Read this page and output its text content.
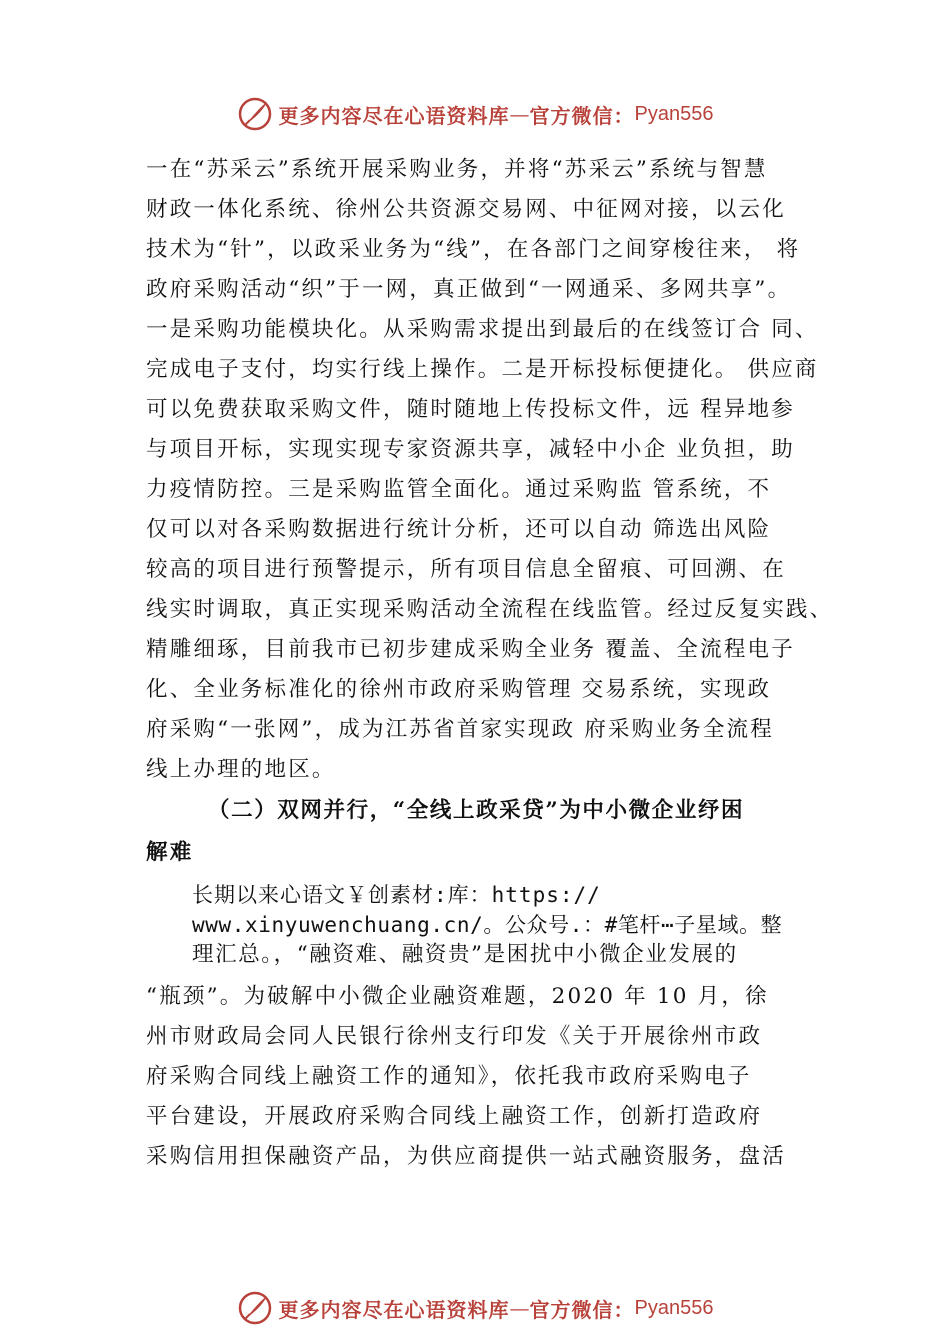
更多内容尽在心语资料库 — 官方微信： Pyan556
一在“苏采云”系统开展采购业务，并将“苏采云”系统与智慧
财政一体化系统、徐州公共资源交易网、中征网对接，以云化
技术为“针”，以政采业务为“线”，在各部门之间穿梭往来， 将
政府采购活动“织”于一网，真正做到“一网通采、多网共享”。
一是采购功能模块化。从采购需求提出到最后的在线签订合 同、
完成电子支付，均实行线上操作。二是开标投标便捷化。 供应商
可以免费获取采购文件，随时随地上传投标文件，远 程异地参
与项目开标，实现实现专家资源共享，减轻中小企 业负担，助
力疫情防控。三是采购监管全面化。通过采购监 管系统，不
仅可以对各采购数据进行统计分析，还可以自动 筛选出风险
较高的项目进行预警提示，所有项目信息全留痕、可回溯、在
线实时调取，真正实现采购活动全流程在线监管。经过反复实践、
精雕细琢，目前我市已初步建成采购全业务 覆盖、全流程电子
化、全业务标准化的徐州市政府采购管理 交易系统，实现政
府采购“一张网”，成为江苏省首家实现政 府采购业务全流程
线上办理的地区。
（二）双网并行，“全线上政采贷”为中小微企业纾困
解难
长期以来心语文￥创素材:库：https://
www.xinyuwenchuang.cn/。公众号.：#笔杆⋯子星域。整
理汇总。，“融资难、融资贵”是困扰中小微企业发展的
“瓶颈”。为破解中小微企业融资难题，2020 年 10 月，徐
州市财政局会同人民银行徐州支行印发《关于开展徐州市政
府采购合同线上融资工作的通知》，依托我市政府采购电子
平台建设，开展政府采购合同线上融资工作，创新打造政府
采购信用担保融资产品，为供应商提供一站式融资服务，盘活
更多内容尽在心语资料库 — 官方微信： Pyan556
